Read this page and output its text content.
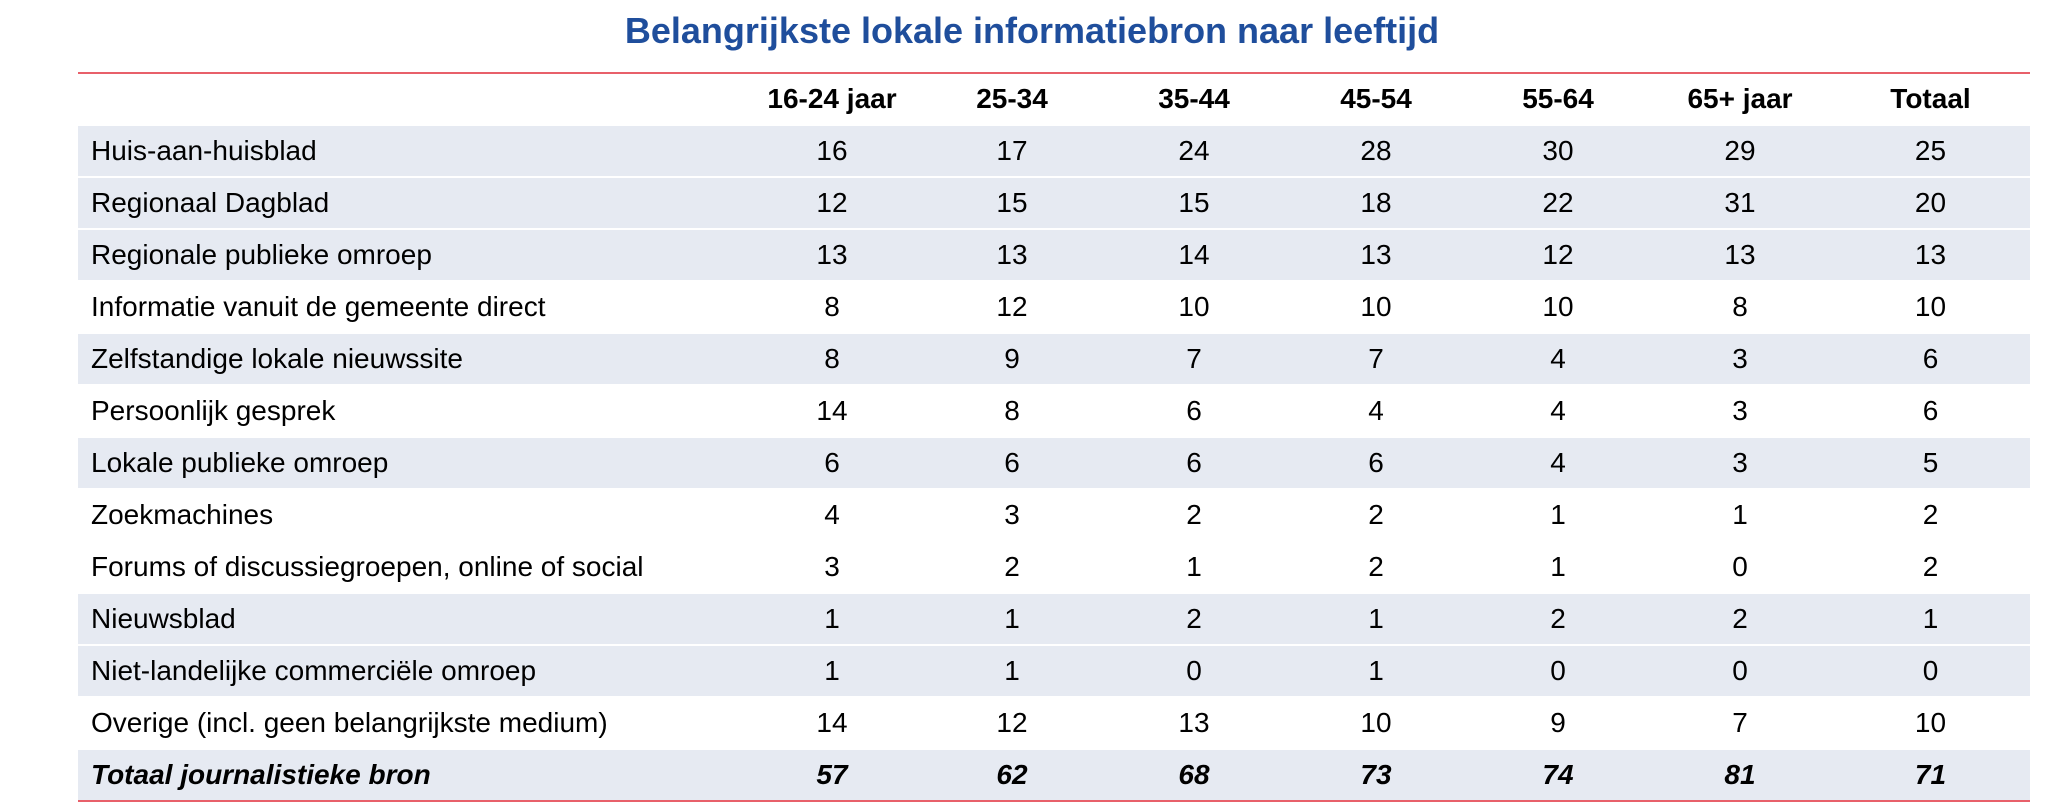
Belangrijkste lokale informatiebron naar leeftijd
	16-24 jaar	25-34	35-44	45-54	55-64	65+ jaar	Totaal
Huis-aan-huisblad	16	17	24	28	30	29	25
Regionaal Dagblad	12	15	15	18	22	31	20
Regionale publieke omroep	13	13	14	13	12	13	13
Informatie vanuit de gemeente direct	8	12	10	10	10	8	10
Zelfstandige lokale nieuwssite	8	9	7	7	4	3	6
Persoonlijk gesprek	14	8	6	4	4	3	6
Lokale publieke omroep	6	6	6	6	4	3	5
Zoekmachines	4	3	2	2	1	1	2
Forums of discussiegroepen, online of social	3	2	1	2	1	0	2
Nieuwsblad	1	1	2	1	2	2	1
Niet-landelijke commerciële omroep	1	1	0	1	0	0	0
Overige (incl. geen belangrijkste medium)	14	12	13	10	9	7	10
Totaal journalistieke bron	57	62	68	73	74	81	71
